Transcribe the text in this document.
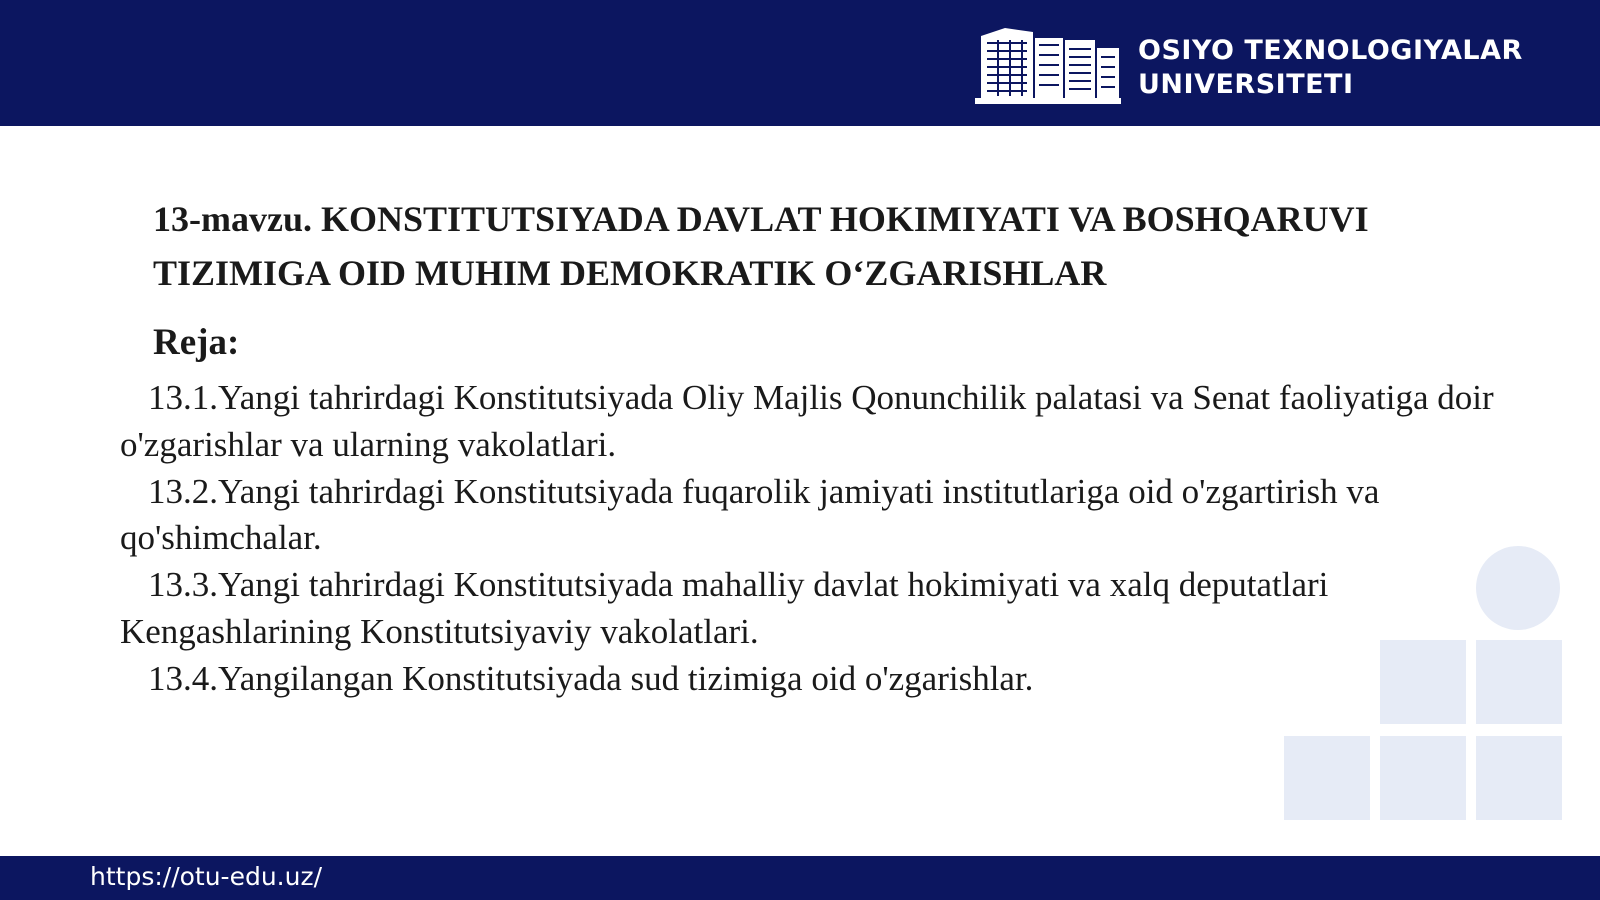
OSIYO TEXNOLOGIYALAR
UNIVERSITETI
13-mavzu. KONSTITUTSIYADA DAVLAT HOKIMIYATI VA BOSHQARUVI
TIZIMIGA OID MUHIM DEMOKRATIK O‘ZGARISHLAR
Reja:

13.1.Yangi tahrirdagi Konstitutsiyada Oliy Majlis Qonunchilik palatasi va Senat faoliyatiga doir o'zgarishlar va ularning vakolatlari.

13.2.Yangi tahrirdagi Konstitutsiyada fuqarolik jamiyati institutlariga oid o'zgartirish va qo'shimchalar.

13.3.Yangi tahrirdagi Konstitutsiyada mahalliy davlat hokimiyati va xalq deputatlari Kengashlarining Konstitutsiyaviy vakolatlari.

13.4.Yangilangan Konstitutsiyada sud tizimiga oid o'zgarishlar.

https://otu-edu.uz/
